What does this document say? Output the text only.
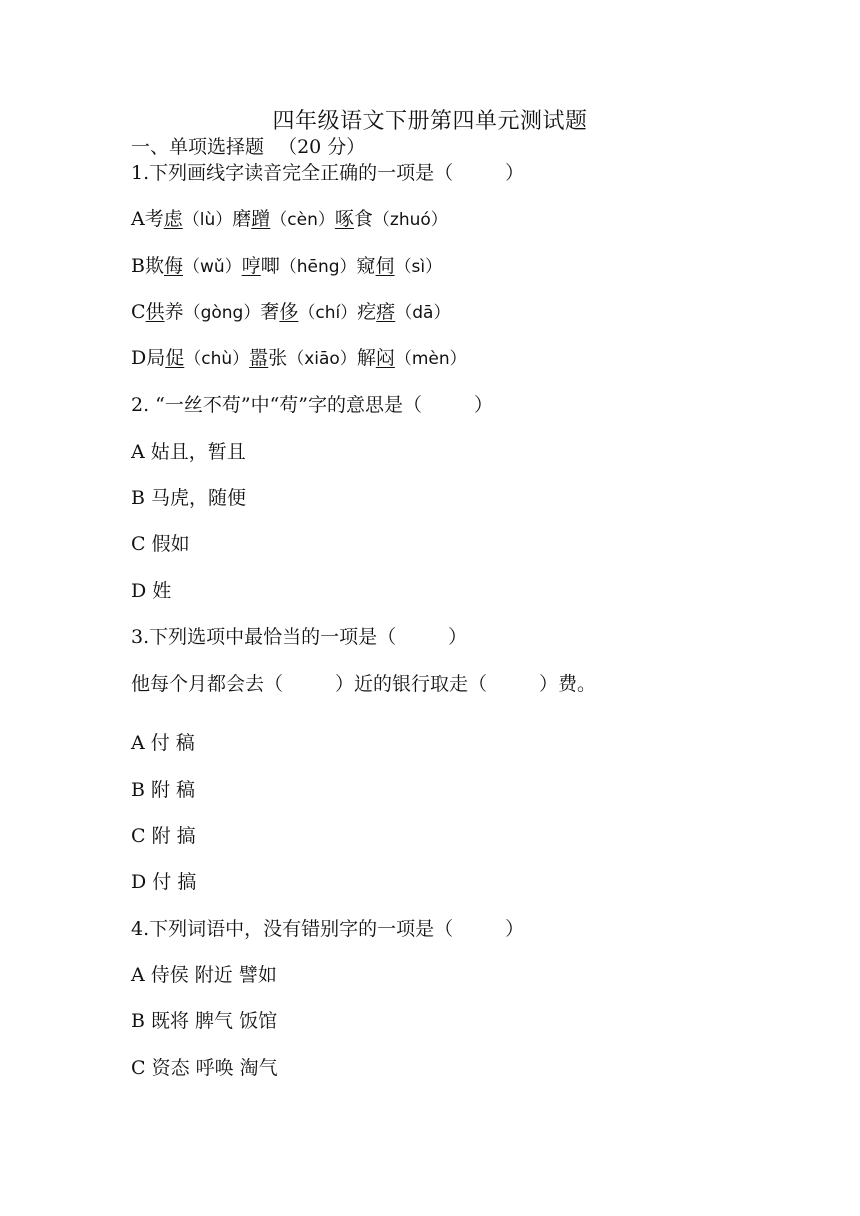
四年级语文下册第四单元测试题
一、单项选择题 （20 分）
1.下列画线字读音完全正确的一项是（	）
A考虑（lù）磨蹭（cèn）啄食（zhuó）
B欺侮（wǔ）哼唧（hēng）窥伺（sì）
C供养（gòng）奢侈（chí）疙瘩（dā）
D局促（chù）嚣张（xiāo）解闷（mèn）
2. “一丝不苟”中“苟”字的意思是（	）
A 姑且，暂且
B 马虎，随便
C 假如
D 姓
3.下列选项中最恰当的一项是（	）
他每个月都会去（	）近的银行取走（	）费。
A 付 稿
B 附 稿
C 附 搞
D 付 搞
4.下列词语中，没有错别字的一项是（	）
A 侍侯 附近 譬如
B 既将 脾气 饭馆
C 资态 呼唤 淘气
